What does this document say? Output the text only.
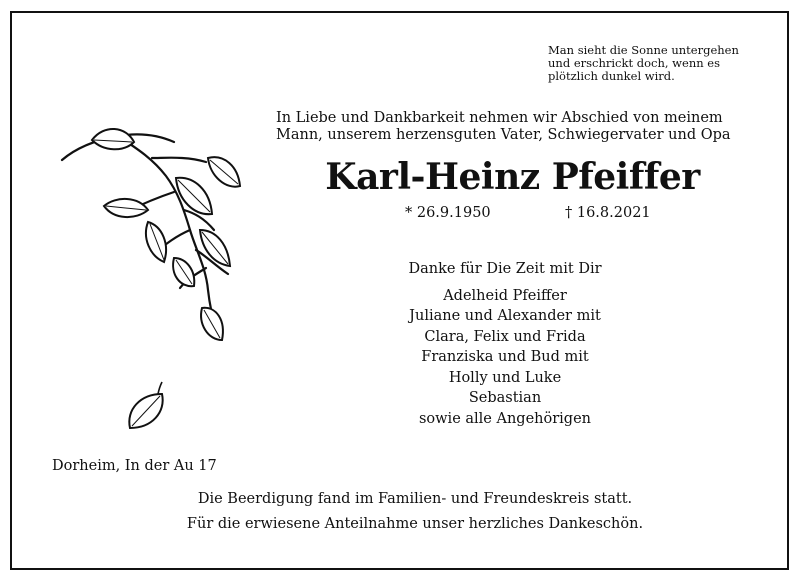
Man sieht die Sonne untergehen
und erschrickt doch, wenn es
plötzlich dunkel wird.
In Liebe und Dankbarkeit nehmen wir Abschied von meinem
Mann, unserem herzensguten Vater, Schwiegervater und Opa
Karl-Heinz Pfeiffer
* 26.9.1950	† 16.8.2021
Danke für Die Zeit mit Dir
Adelheid Pfeiffer
Juliane und Alexander mit
Clara, Felix und Frida
Franziska und Bud mit
Holly und Luke
Sebastian
sowie alle Angehörigen
Dorheim, In der Au 17
Die Beerdigung fand im Familien- und Freundeskreis statt.
Für die erwiesene Anteilnahme unser herzliches Dankeschön.
